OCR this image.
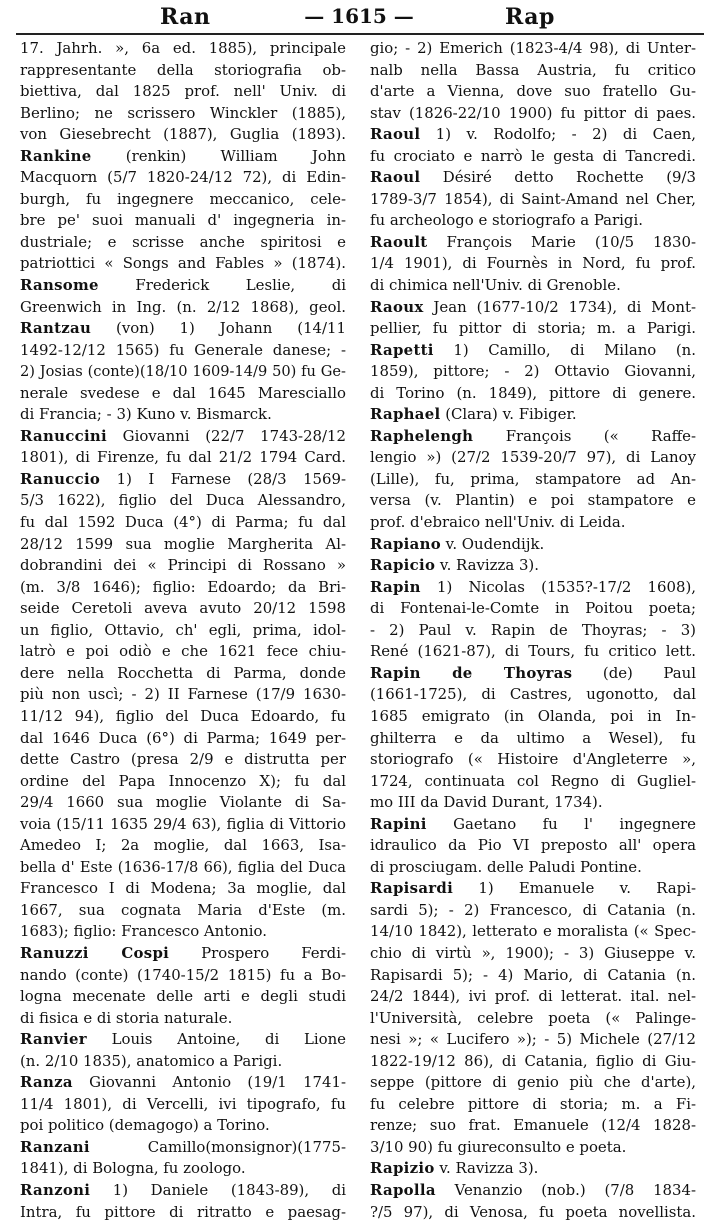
Ran	— 1615 —	Rap
17. Jahrh. », 6a ed. 1885), principale
rappresentante della storiografia ob-
biettiva, dal 1825 prof. nell' Univ. di
Berlino; ne scrissero Winckler (1885),
von Giesebrecht (1887), Guglia (1893).
Rankine (renkin) William John
Macquorn (5/7 1820-24/12 72), di Edin-
burgh, fu ingegnere meccanico, cele-
bre pe' suoi manuali d' ingegneria in-
dustriale; e scrisse anche spiritosi e
patriottici « Songs and Fables » (1874).
Ransome Frederick Leslie, di
Greenwich in Ing. (n. 2/12 1868), geol.
Rantzau (von) 1) Johann (14/11
1492-12/12 1565) fu Generale danese; -
2) Josias (conte)(18/10 1609-14/9 50) fu Ge-
nerale svedese e dal 1645 Maresciallo
di Francia; - 3) Kuno v. Bismarck.
Ranuccini Giovanni (22/7 1743-28/12
1801), di Firenze, fu dal 21/2 1794 Card.
Ranuccio 1) I Farnese (28/3 1569-
5/3 1622), figlio del Duca Alessandro,
fu dal 1592 Duca (4°) di Parma; fu dal
28/12 1599 sua moglie Margherita Al-
dobrandini dei « Principi di Rossano »
(m. 3/8 1646); figlio: Edoardo; da Bri-
seide Ceretoli aveva avuto 20/12 1598
un figlio, Ottavio, ch' egli, prima, idol-
latrò e poi odiò e che 1621 fece chiu-
dere nella Rocchetta di Parma, donde
più non uscì; - 2) II Farnese (17/9 1630-
11/12 94), figlio del Duca Edoardo, fu
dal 1646 Duca (6°) di Parma; 1649 per-
dette Castro (presa 2/9 e distrutta per
ordine del Papa Innocenzo X); fu dal
29/4 1660 sua moglie Violante di Sa-
voia (15/11 1635 29/4 63), figlia di Vittorio
Amedeo I; 2a moglie, dal 1663, Isa-
bella d' Este (1636-17/8 66), figlia del Duca
Francesco I di Modena; 3a moglie, dal
1667, sua cognata Maria d'Este (m.
1683); figlio: Francesco Antonio.
Ranuzzi Cospi Prospero Ferdi-
nando (conte) (1740-15/2 1815) fu a Bo-
logna mecenate delle arti e degli studi
di fisica e di storia naturale.
Ranvier Louis Antoine, di Lione
(n. 2/10 1835), anatomico a Parigi.
Ranza Giovanni Antonio (19/1 1741-
11/4 1801), di Vercelli, ivi tipografo, fu
poi politico (demagogo) a Torino.
Ranzani Camillo(monsignor)(1775-
1841), di Bologna, fu zoologo.
Ranzoni 1) Daniele (1843-89), di
Intra, fu pittore di ritratto e paesag-
gio; - 2) Emerich (1823-4/4 98), di Unter-
nalb nella Bassa Austria, fu critico
d'arte a Vienna, dove suo fratello Gu-
stav (1826-22/10 1900) fu pittor di paes.
Raoul 1) v. Rodolfo; - 2) di Caen,
fu crociato e narrò le gesta di Tancredi.
Raoul Désiré detto Rochette (9/3
1789-3/7 1854), di Saint-Amand nel Cher,
fu archeologo e storiografo a Parigi.
Raoult François Marie (10/5 1830-
1/4 1901), di Fournès in Nord, fu prof.
di chimica nell'Univ. di Grenoble.
Raoux Jean (1677-10/2 1734), di Mont-
pellier, fu pittor di storia; m. a Parigi.
Rapetti 1) Camillo, di Milano (n.
1859), pittore; - 2) Ottavio Giovanni,
di Torino (n. 1849), pittore di genere.
Raphael (Clara) v. Fibiger.
Raphelengh François (« Raffe-
lengio ») (27/2 1539-20/7 97), di Lanoy
(Lille), fu, prima, stampatore ad An-
versa (v. Plantin) e poi stampatore e
prof. d'ebraico nell'Univ. di Leida.
Rapiano v. Oudendijk.
Rapicio v. Ravizza 3).
Rapin 1) Nicolas (1535?-17/2 1608),
di Fontenai-le-Comte in Poitou poeta;
- 2) Paul v. Rapin de Thoyras; - 3)
René (1621-87), di Tours, fu critico lett.
Rapin de Thoyras (de) Paul
(1661-1725), di Castres, ugonotto, dal
1685 emigrato (in Olanda, poi in In-
ghilterra e da ultimo a Wesel), fu
storiografo (« Histoire d'Angleterre »,
1724, continuata col Regno di Gugliel-
mo III da David Durant, 1734).
Rapini Gaetano fu l' ingegnere
idraulico da Pio VI preposto all' opera
di prosciugam. delle Paludi Pontine.
Rapisardi 1) Emanuele v. Rapi-
sardi 5); - 2) Francesco, di Catania (n.
14/10 1842), letterato e moralista (« Spec-
chio di virtù », 1900); - 3) Giuseppe v.
Rapisardi 5); - 4) Mario, di Catania (n.
24/2 1844), ivi prof. di letterat. ital. nel-
l'Università, celebre poeta (« Palinge-
nesi »; « Lucifero »); - 5) Michele (27/12
1822-19/12 86), di Catania, figlio di Giu-
seppe (pittore di genio più che d'arte),
fu celebre pittore di storia; m. a Fi-
renze; suo frat. Emanuele (12/4 1828-
3/10 90) fu giureconsulto e poeta.
Rapizio v. Ravizza 3).
Rapolla Venanzio (nob.) (7/8 1834-
?/5 97), di Venosa, fu poeta novellista.
